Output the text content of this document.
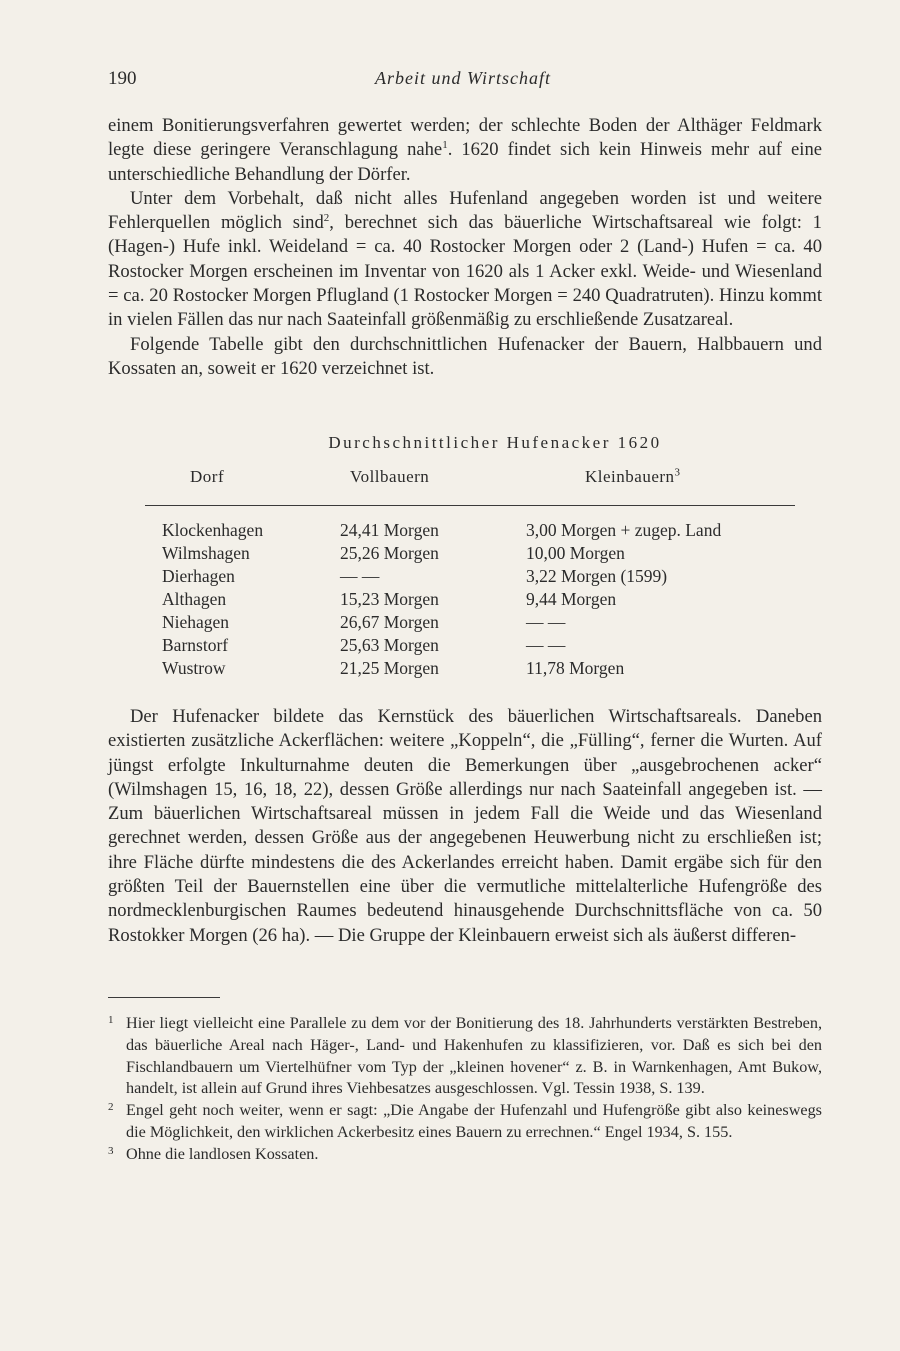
190	Arbeit und Wirtschaft

einem Bonitierungsverfahren gewertet werden; der schlechte Boden der Althäger Feldmark legte diese geringere Veranschlagung nahe$^1$. 1620 findet sich kein Hinweis mehr auf eine unterschiedliche Behandlung der Dörfer.

Unter dem Vorbehalt, daß nicht alles Hufenland angegeben worden ist und weitere Fehlerquellen möglich sind$^2$, berechnet sich das bäuerliche Wirtschaftsareal wie folgt: 1 (Hagen-) Hufe inkl. Weideland = ca. 40 Rostocker Morgen oder 2 (Land-) Hufen = ca. 40 Rostocker Morgen erscheinen im Inventar von 1620 als 1 Acker exkl. Weide- und Wiesenland = ca. 20 Rostocker Morgen Pflugland (1 Rostocker Morgen = 240 Quadratruten). Hinzu kommt in vielen Fällen das nur nach Saateinfall größenmäßig zu erschließende Zusatzareal.

Folgende Tabelle gibt den durchschnittlichen Hufenacker der Bauern, Halbbauern und Kossaten an, soweit er 1620 verzeichnet ist.

Durchschnittlicher Hufenacker 1620
Dorf	Vollbauern	Kleinbauern$^3$
Klockenhagen	24,41 Morgen	3,00 Morgen + zugep. Land
Wilmshagen	25,26 Morgen	10,00 Morgen
Dierhagen	— —	3,22 Morgen (1599)
Althagen	15,23 Morgen	9,44 Morgen
Niehagen	26,67 Morgen	— —
Barnstorf	25,63 Morgen	— —
Wustrow	21,25 Morgen	11,78 Morgen

Der Hufenacker bildete das Kernstück des bäuerlichen Wirtschaftsareals. Daneben existierten zusätzliche Ackerflächen: weitere „Koppeln“, die „Fülling“, ferner die Wurten. Auf jüngst erfolgte Inkulturnahme deuten die Bemerkungen über „ausgebrochenen acker“ (Wilmshagen 15, 16, 18, 22), dessen Größe allerdings nur nach Saateinfall angegeben ist. — Zum bäuerlichen Wirtschaftsareal müssen in jedem Fall die Weide und das Wiesenland gerechnet werden, dessen Größe aus der angegebenen Heuwerbung nicht zu erschließen ist; ihre Fläche dürfte mindestens die des Ackerlandes erreicht haben. Damit ergäbe sich für den größten Teil der Bauernstellen eine über die vermutliche mittelalterliche Hufengröße des nordmecklenburgischen Raumes bedeutend hinausgehende Durchschnittsfläche von ca. 50 Rostokker Morgen (26 ha). — Die Gruppe der Kleinbauern erweist sich als äußerst differen-

1 Hier liegt vielleicht eine Parallele zu dem vor der Bonitierung des 18. Jahrhunderts verstärkten Bestreben, das bäuerliche Areal nach Häger-, Land- und Hakenhufen zu klassifizieren, vor. Daß es sich bei den Fischlandbauern um Viertelhüfner vom Typ der „kleinen hovener“ z. B. in Warnkenhagen, Amt Bukow, handelt, ist allein auf Grund ihres Viehbesatzes ausgeschlossen. Vgl. Tessin 1938, S. 139.
2 Engel geht noch weiter, wenn er sagt: „Die Angabe der Hufenzahl und Hufengröße gibt also keineswegs die Möglichkeit, den wirklichen Ackerbesitz eines Bauern zu errechnen.“ Engel 1934, S. 155.
3 Ohne die landlosen Kossaten.
